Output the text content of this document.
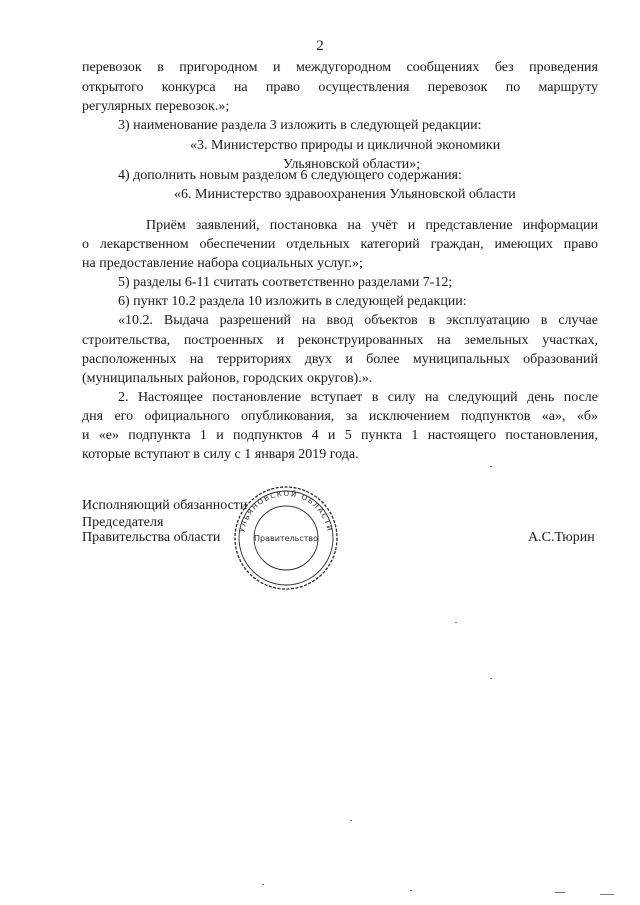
2
перевозок в пригородном и междугородном сообщениях без проведения
открытого конкурса на право осуществления перевозок по маршруту
регулярных перевозок.»;
3) наименование раздела 3 изложить в следующей редакции:
«3. Министерство природы и цикличной экономики
Ульяновской области»;
4) дополнить новым разделом 6 следующего содержания:
«6. Министерство здравоохранения Ульяновской области
Приём заявлений, постановка на учёт и представление информации
о лекарственном обеспечении отдельных категорий граждан, имеющих право
на предоставление набора социальных услуг.»;
5) разделы 6-11 считать соответственно разделами 7-12;
6) пункт 10.2 раздела 10 изложить в следующей редакции:
«10.2. Выдача разрешений на ввод объектов в эксплуатацию в случае
строительства, построенных и реконструированных на земельных участках,
расположенных на территориях двух и более муниципальных образований
(муниципальных районов, городских округов).».
2. Настоящее постановление вступает в силу на следующий день после
дня его официального опубликования, за исключением подпунктов «а», «б»
и «е» подпункта 1 и подпунктов 4 и 5 пункта 1 настоящего постановления,
которые вступают в силу с 1 января 2019 года.
Исполняющий обязанности
Председателя
Правительства области	А.С.Тюрин
УЛЬЯНОВСКОЙ ОБЛАСТИ
Правительство
